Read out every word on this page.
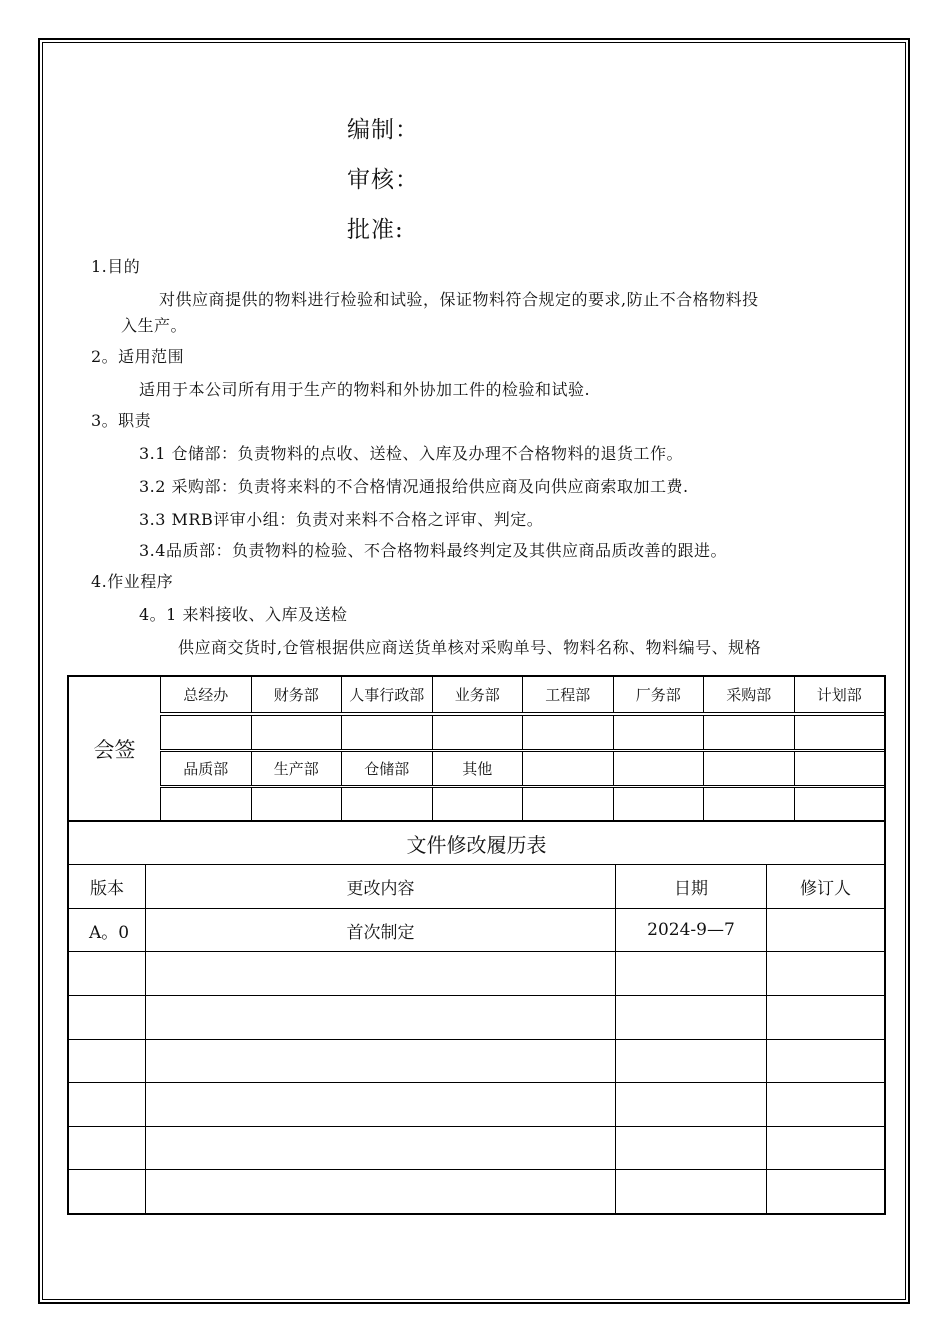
编制：
审核：
批准:
1.目的
对供应商提供的物料进行检验和试验，保证物料符合规定的要求,防止不合格物料投
入生产。
2。适用范围
适用于本公司所有用于生产的物料和外协加工件的检验和试验.
3。职责
3.1 仓储部：负责物料的点收、送检、入库及办理不合格物料的退货工作。
3.2 采购部：负责将来料的不合格情况通报给供应商及向供应商索取加工费.
3.3 MRB评审小组：负责对来料不合格之评审、判定。
3.4品质部：负责物料的检验、不合格物料最终判定及其供应商品质改善的跟进。
4.作业程序
4。1 来料接收、入库及送检
供应商交货时,仓管根据供应商送货单核对采购单号、物料名称、物料编号、规格
会签
总经办	财务部	人事行政部	业务部	工程部	厂务部	采购部	计划部
品质部	生产部	仓储部	其他
文件修改履历表
版本	更改内容	日期	修订人
A。0	首次制定	2024-9—7
